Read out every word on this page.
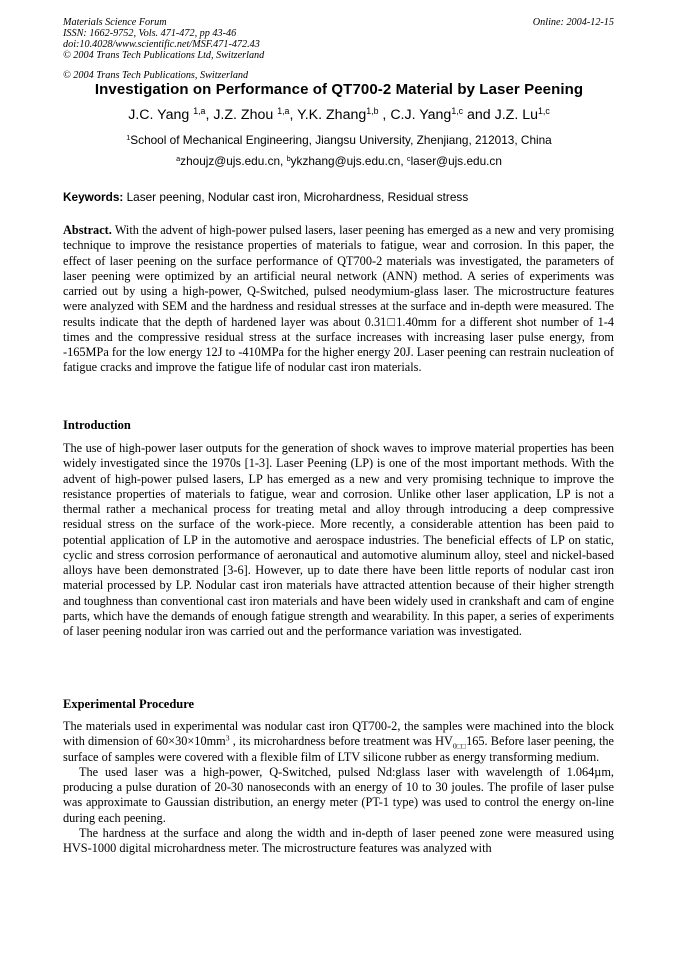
Materials Science Forum
ISSN: 1662-9752, Vols. 471-472, pp 43-46
doi:10.4028/www.scientific.net/MSF.471-472.43
© 2004 Trans Tech Publications Ltd, Switzerland
Online: 2004-12-15
© 2004 Trans Tech Publications, Switzerland
Investigation on Performance of QT700-2 Material by Laser Peening
J.C. Yang $^{1,a}$, J.Z. Zhou $^{1,a}$, Y.K. Zhang$^{1,b}$ , C.J. Yang$^{1,c}$ and J.Z. Lu$^{1,c}$
$^1$School of Mechanical Engineering, Jiangsu University, Zhenjiang, 212013, China
$^a$zhoujz@ujs.edu.cn, $^b$ykzhang@ujs.edu.cn, $^c$laser@ujs.edu.cn
Keywords: Laser peening, Nodular cast iron, Microhardness, Residual stress

Abstract. With the advent of high-power pulsed lasers, laser peening has emerged as a new and very promising technique to improve the resistance properties of materials to fatigue, wear and corrosion. In this paper, the effect of laser peening on the surface performance of QT700-2 materials was investigated, the parameters of laser peening were optimized by an artificial neural network (ANN) method. A series of experiments was carried out by using a high-power, Q-Switched, pulsed neodymium-glass laser. The microstructure features were analyzed with SEM and the hardness and residual stresses at the surface and in-depth were measured. The results indicate that the depth of hardened layer was about 0.31□1.40mm for a different shot number of 1-4 times and the compressive residual stress at the surface increases with increasing laser pulse energy, from -165MPa for the low energy 12J to -410MPa for the higher energy 20J. Laser peening can restrain nucleation of fatigue cracks and improve the fatigue life of nodular cast iron materials.

Introduction

The use of high-power laser outputs for the generation of shock waves to improve material properties has been widely investigated since the 1970s [1-3]. Laser Peening (LP) is one of the most important methods. With the advent of high-power pulsed lasers, LP has emerged as a new and very promising technique to improve the resistance properties of materials to fatigue, wear and corrosion. Unlike other laser application, LP is not a thermal rather a mechanical process for treating metal and alloy through introducing a deep compressive residual stress on the surface of the work-piece. More recently, a considerable attention has been paid to potential application of LP in the automotive and aerospace industries. The beneficial effects of LP on static, cyclic and stress corrosion performance of aeronautical and automotive aluminum alloy, steel and nickel-based alloys have been demonstrated [3-6]. However, up to date there have been little reports of nodular cast iron material processed by LP. Nodular cast iron materials have attracted attention because of their higher strength and toughness than conventional cast iron materials and have been widely used in crankshaft and cam of engine parts, which have the demands of enough fatigue strength and wearability. In this paper, a series of experiments of laser peening nodular iron was carried out and the performance variation was investigated.

Experimental Procedure

The materials used in experimental was nodular cast iron QT700-2, the samples were machined into the block with dimension of $60\times 30\times 10mm^3$ , its microhardness before treatment was $HV_{0□□}165$. Before laser peening, the surface of samples were covered with a flexible film of LTV silicone rubber as energy transforming medium.

The used laser was a high-power, Q-Switched, pulsed Nd:glass laser with wavelength of 1.064µm, producing a pulse duration of 20-30 nanoseconds with an energy of 10 to 30 joules. The profile of laser pulse was approximate to Gaussian distribution, an energy meter (PT-1 type) was used to control the energy on-line during each peening.

The hardness at the surface and along the width and in-depth of laser peened zone were measured using HVS-1000 digital microhardness meter. The microstructure features was analyzed with
